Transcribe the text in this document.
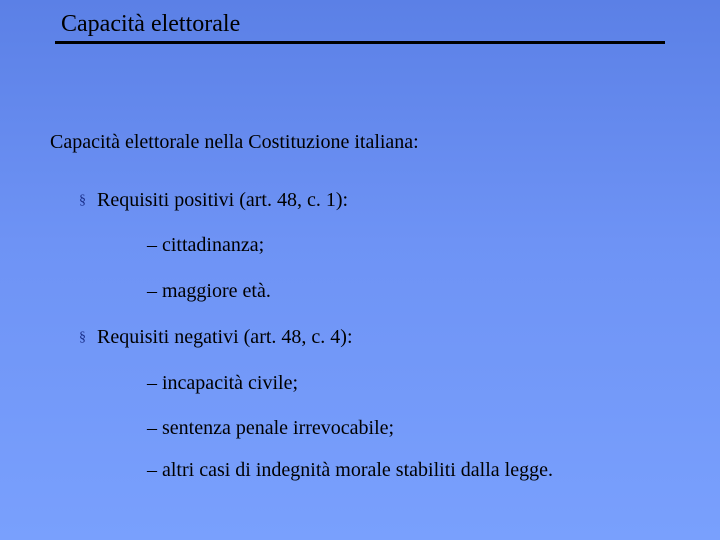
Capacità elettorale
Capacità elettorale nella Costituzione italiana:
§ Requisiti positivi (art. 48, c. 1):
– cittadinanza;
– maggiore età.
§ Requisiti negativi (art. 48, c. 4):
– incapacità civile;
– sentenza penale irrevocabile;
– altri casi di indegnità morale stabiliti dalla legge.
